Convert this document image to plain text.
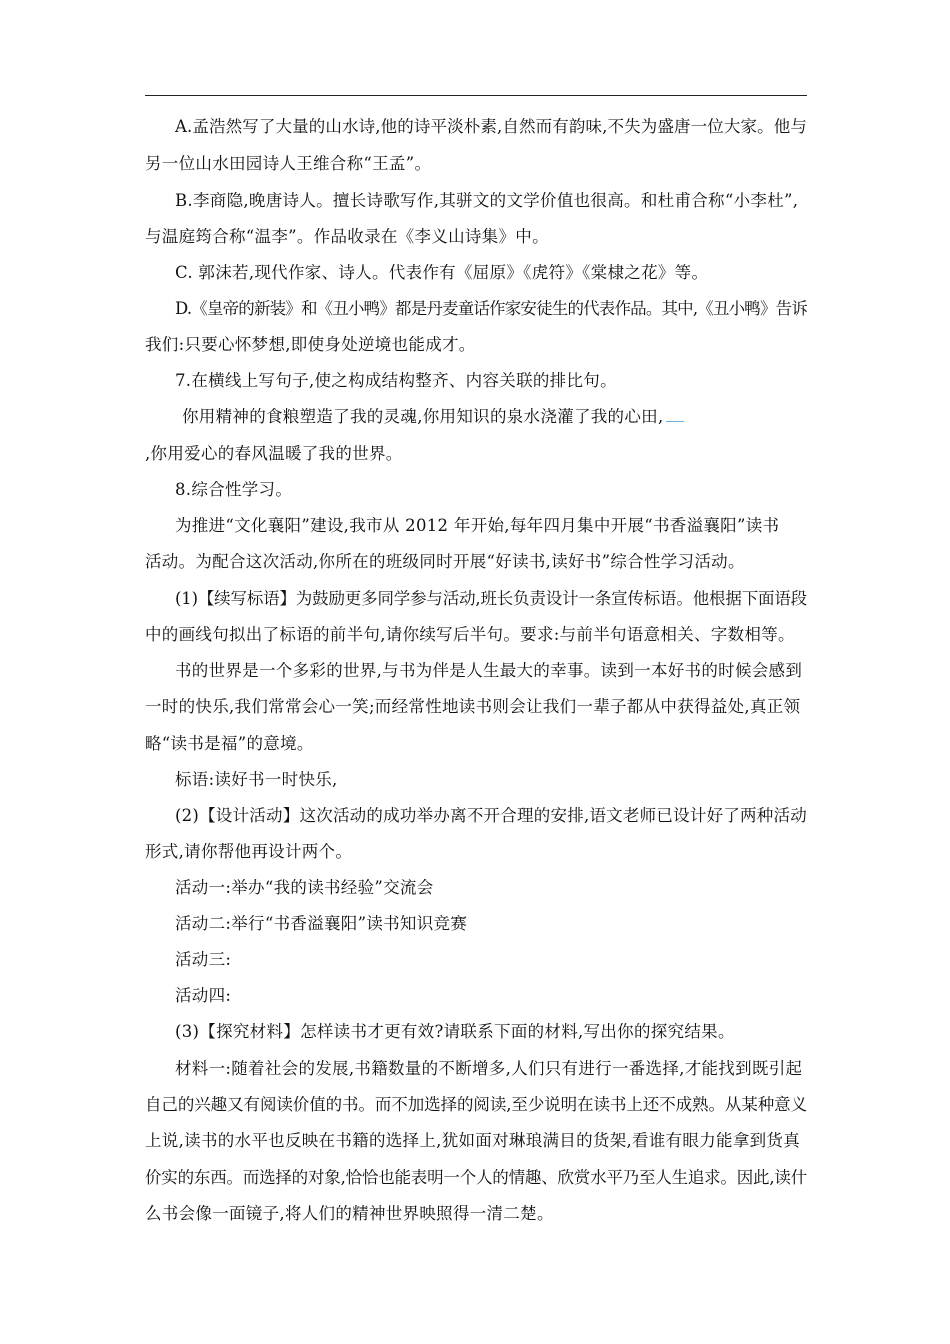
A.孟浩然写了大量的山水诗,他的诗平淡朴素,自然而有韵味,不失为盛唐一位大家。他与
另一位山水田园诗人王维合称“王孟”。
B.李商隐,晚唐诗人。擅长诗歌写作,其骈文的文学价值也很高。和杜甫合称“小李杜”,
与温庭筠合称“温李”。作品收录在《李义山诗集》中。
C. 郭沫若,现代作家、诗人。代表作有《屈原》《虎符》《棠棣之花》等。
D.《皇帝的新装》和《丑小鸭》都是丹麦童话作家安徒生的代表作品。其中,《丑小鸭》告诉
我们:只要心怀梦想,即使身处逆境也能成才。
7.在横线上写句子,使之构成结构整齐、内容关联的排比句。
你用精神的食粮塑造了我的灵魂,你用知识的泉水浇灌了我的心田,
,你用爱心的春风温暖了我的世界。
8.综合性学习。
为推进“文化襄阳”建设,我市从 2012 年开始,每年四月集中开展“书香溢襄阳”读书
活动。为配合这次活动,你所在的班级同时开展“好读书,读好书”综合性学习活动。
(1)【续写标语】为鼓励更多同学参与活动,班长负责设计一条宣传标语。他根据下面语段
中的画线句拟出了标语的前半句,请你续写后半句。要求:与前半句语意相关、字数相等。
书的世界是一个多彩的世界,与书为伴是人生最大的幸事。读到一本好书的时候会感到
一时的快乐,我们常常会心一笑;而经常性地读书则会让我们一辈子都从中获得益处,真正领
略“读书是福”的意境。
标语:读好书一时快乐,
(2)【设计活动】这次活动的成功举办离不开合理的安排,语文老师已设计好了两种活动
形式,请你帮他再设计两个。
活动一:举办“我的读书经验”交流会
活动二:举行“书香溢襄阳”读书知识竞赛
活动三:
活动四:
(3)【探究材料】怎样读书才更有效?请联系下面的材料,写出你的探究结果。
材料一:随着社会的发展,书籍数量的不断增多,人们只有进行一番选择,才能找到既引起
自己的兴趣又有阅读价值的书。而不加选择的阅读,至少说明在读书上还不成熟。从某种意义
上说,读书的水平也反映在书籍的选择上,犹如面对琳琅满目的货架,看谁有眼力能拿到货真
价实的东西。而选择的对象,恰恰也能表明一个人的情趣、欣赏水平乃至人生追求。因此,读什
么书会像一面镜子,将人们的精神世界映照得一清二楚。
